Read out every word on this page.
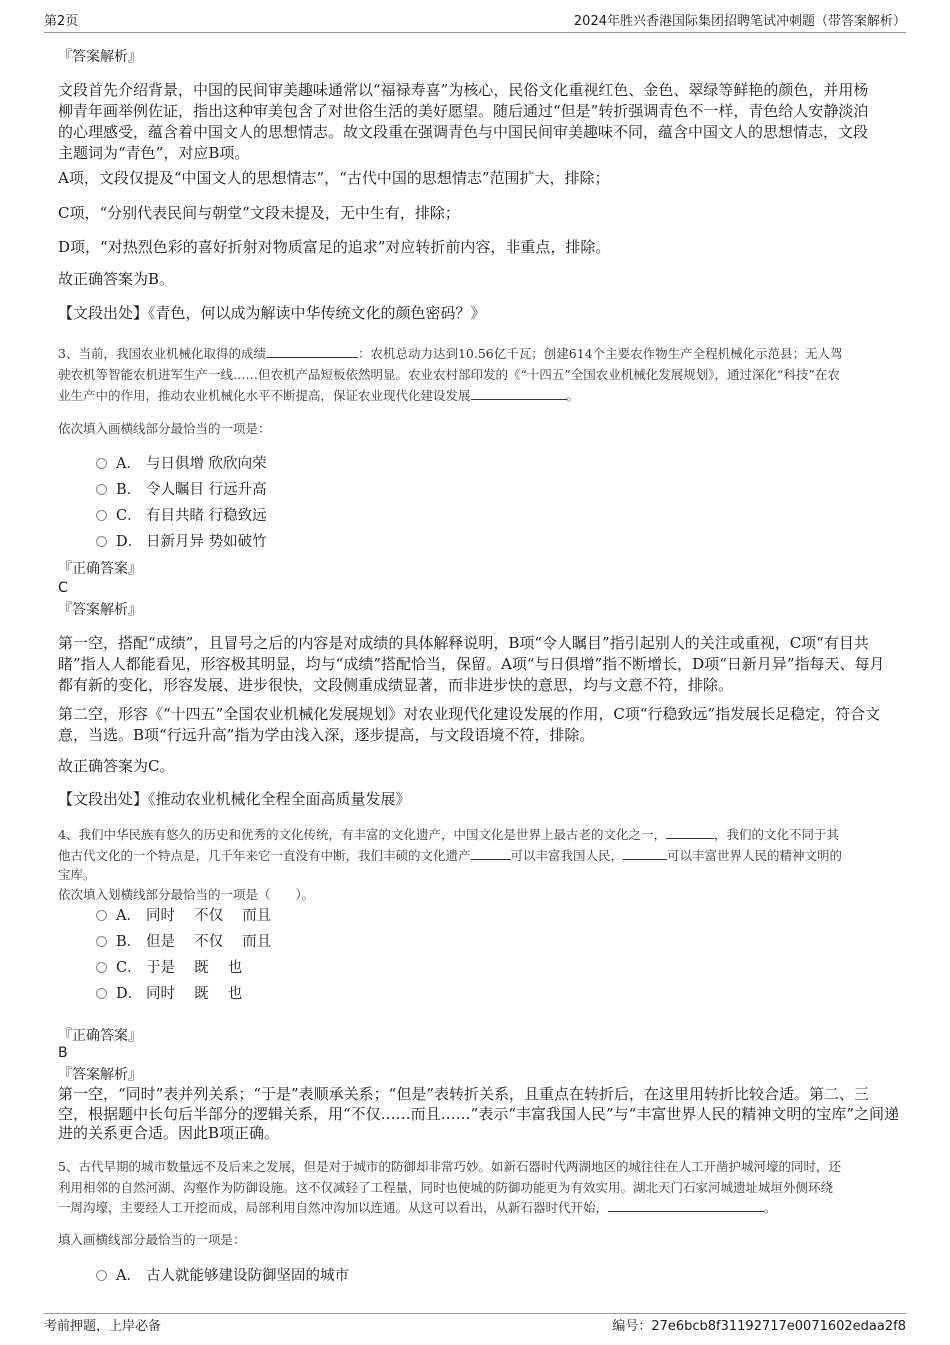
第2页	2024年胜兴香港国际集团招聘笔试冲刺题（带答案解析）
『答案解析』
文段首先介绍背景，中国的民间审美趣味通常以“福禄寿喜”为核心，民俗文化重视红色、金色、翠绿等鲜艳的颜色，并用杨
柳青年画举例佐证，指出这种审美包含了对世俗生活的美好愿望。随后通过“但是”转折强调青色不一样，青色给人安静淡泊
的心理感受，蕴含着中国文人的思想情志。故文段重在强调青色与中国民间审美趣味不同，蕴含中国文人的思想情志，文段
主题词为“青色”，对应B项。
A项，文段仅提及“中国文人的思想情志”，“古代中国的思想情志”范围扩大，排除；
C项，“分别代表民间与朝堂”文段未提及，无中生有，排除；
D项，“对热烈色彩的喜好折射对物质富足的追求”对应转折前内容，非重点，排除。
故正确答案为B。
【文段出处】《青色，何以成为解读中华传统文化的颜色密码？》
3、当前，我国农业机械化取得的成绩	：农机总动力达到10.56亿千瓦；创建614个主要农作物生产全程机械化示范县；无人驾
驶农机等智能农机进军生产一线……但农机产品短板依然明显。农业农村部印发的《“十四五”全国农业机械化发展规划》，通过深化“科技”在农
业生产中的作用，推动农业机械化水平不断提高，保证农业现代化建设发展	。
依次填入画横线部分最恰当的一项是：
A． 与日俱增 欣欣向荣
B． 令人瞩目 行远升高
C． 有目共睹 行稳致远
D． 日新月异 势如破竹
『正确答案』
C
『答案解析』
第一空，搭配“成绩”，且冒号之后的内容是对成绩的具体解释说明，B项“令人瞩目”指引起别人的关注或重视，C项“有目共
睹”指人人都能看见，形容极其明显，均与“成绩”搭配恰当，保留。A项“与日俱增”指不断增长，D项“日新月异”指每天、每月
都有新的变化，形容发展、进步很快，文段侧重成绩显著，而非进步快的意思，均与文意不符，排除。
第二空，形容《“十四五”全国农业机械化发展规划》对农业现代化建设发展的作用，C项“行稳致远”指发展长足稳定，符合文
意，当选。B项“行远升高”指为学由浅入深，逐步提高，与文段语境不符，排除。
故正确答案为C。
【文段出处】《推动农业机械化全程全面高质量发展》
4、我们中华民族有悠久的历史和优秀的文化传统，有丰富的文化遗产，中国文化是世界上最古老的文化之一，	，我们的文化不同于其
他古代文化的一个特点是，几千年来它一直没有中断，我们丰硕的文化遗产	可以丰富我国人民，	可以丰富世界人民的精神文明的
宝库。
依次填入划横线部分最恰当的一项是（　　）。
A． 同时　 不仅　 而且
B． 但是　 不仅　 而且
C． 于是　 既　 也
D． 同时　 既　 也
『正确答案』
B
『答案解析』
第一空，“同时”表并列关系；“于是”表顺承关系；“但是”表转折关系，且重点在转折后，在这里用转折比较合适。第二、三
空，根据题中长句后半部分的逻辑关系，用“不仅……而且……”表示“丰富我国人民”与“丰富世界人民的精神文明的宝库”之间递
进的关系更合适。因此B项正确。
5、古代早期的城市数量远不及后来之发展，但是对于城市的防御却非常巧妙。如新石器时代两湖地区的城往往在人工开凿护城河壕的同时，还
利用相邻的自然河湖、沟壑作为防御设施。这不仅减轻了工程量，同时也使城的防御功能更为有效实用。湖北天门石家河城遗址城垣外侧环绕
一周沟壕，主要经人工开挖而成，局部利用自然冲沟加以连通。从这可以看出，从新石器时代开始，	。
填入画横线部分最恰当的一项是：
A． 古人就能够建设防御坚固的城市
考前押题，上岸必备	编号：27e6bcb8f31192717e0071602edaa2f8
